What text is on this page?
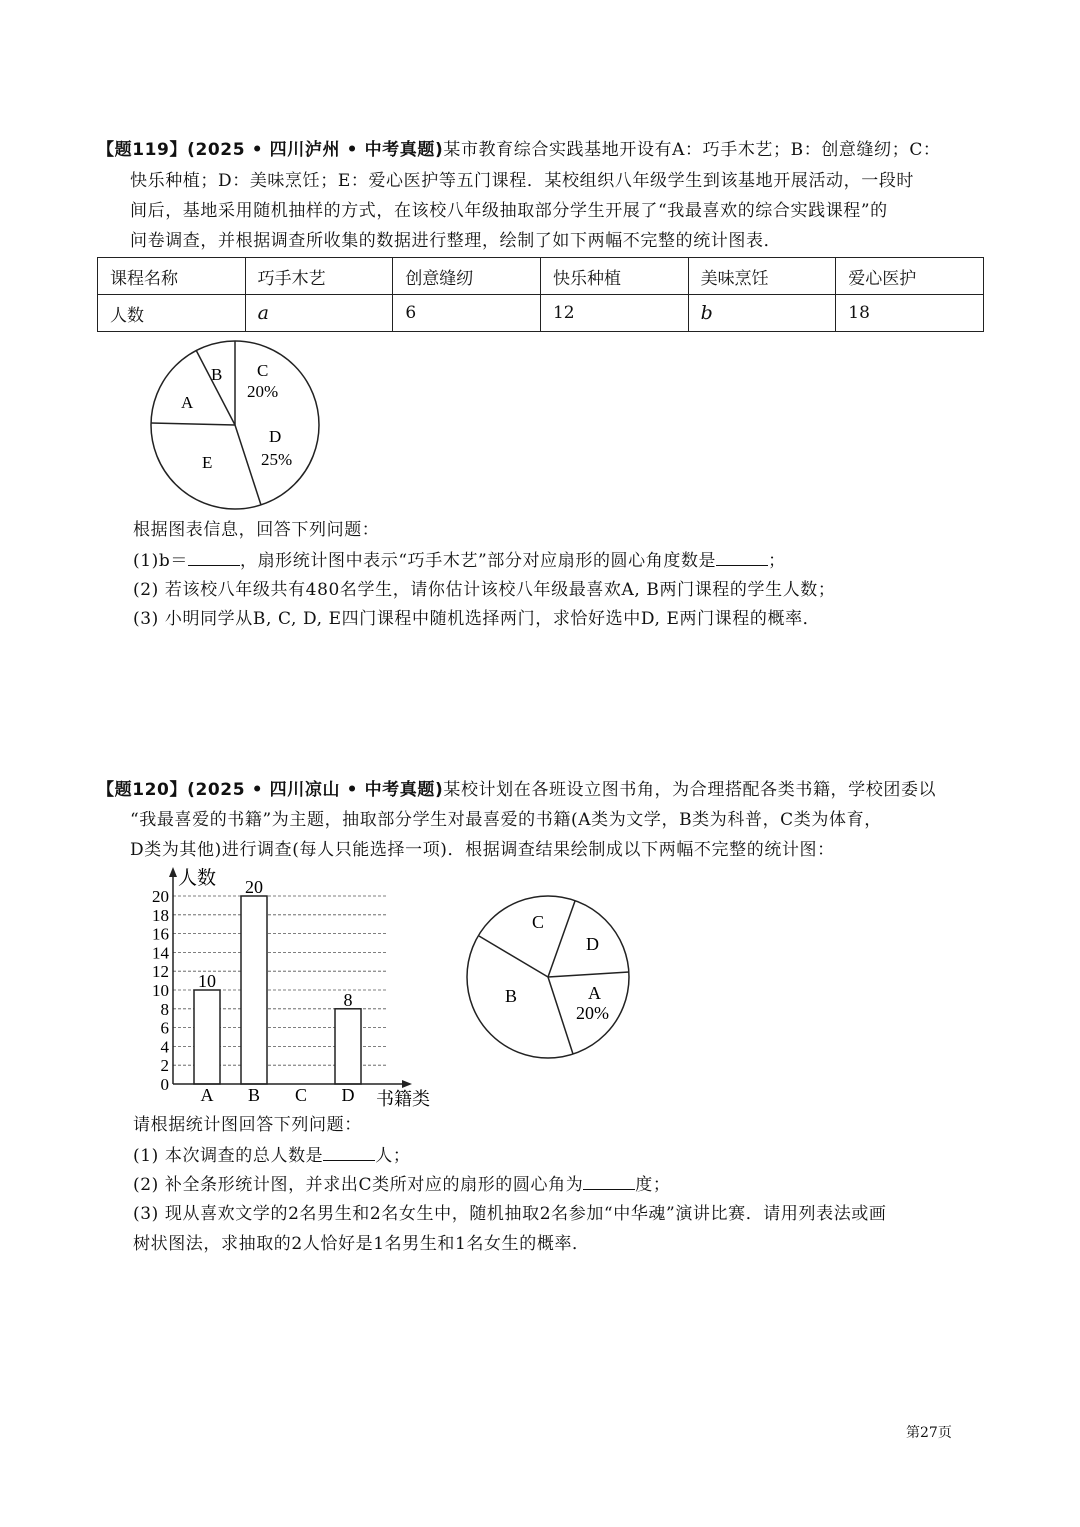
【题119】(2025 • 四川泸州 • 中考真题)某市教育综合实践基地开设有A：巧手木艺；B：创意缝纫；C：
快乐种植；D：美味烹饪；E：爱心医护等五门课程．某校组织八年级学生到该基地开展活动，一段时
间后，基地采用随机抽样的方式，在该校八年级抽取部分学生开展了“我最喜欢的综合实践课程”的
问卷调查，并根据调查所收集的数据进行整理，绘制了如下两幅不完整的统计图表．
课程名称	巧手木艺	创意缝纫	快乐种植	美味烹饪	爱心医护
人数	a	6	12	b	18
B
A
C
20%
D
25%
E
根据图表信息，回答下列问题：
(1)b＝	，扇形统计图中表示“巧手木艺”部分对应扇形的圆心角度数是	；
(2) 若该校八年级共有480名学生，请你估计该校八年级最喜欢A, B两门课程的学生人数；
(3) 小明同学从B, C, D, E四门课程中随机选择两门，求恰好选中D, E两门课程的概率．
【题120】(2025 • 四川凉山 • 中考真题)某校计划在各班设立图书角，为合理搭配各类书籍，学校团委以
“我最喜爱的书籍”为主题，抽取部分学生对最喜爱的书籍(A类为文学，B类为科普，C类为体育，
D类为其他)进行调查(每人只能选择一项)．根据调查结果绘制成以下两幅不完整的统计图：
0
2
4
6
8
10
12
14
16
18
20
10
20
8
A B C D
人数
书籍类
C
D
B	A
20%
请根据统计图回答下列问题：
(1) 本次调查的总人数是	人；
(2) 补全条形统计图，并求出C类所对应的扇形的圆心角为	度；
(3) 现从喜欢文学的2名男生和2名女生中，随机抽取2名参加“中华魂”演讲比赛．请用列表法或画
树状图法，求抽取的2人恰好是1名男生和1名女生的概率．
第27页
